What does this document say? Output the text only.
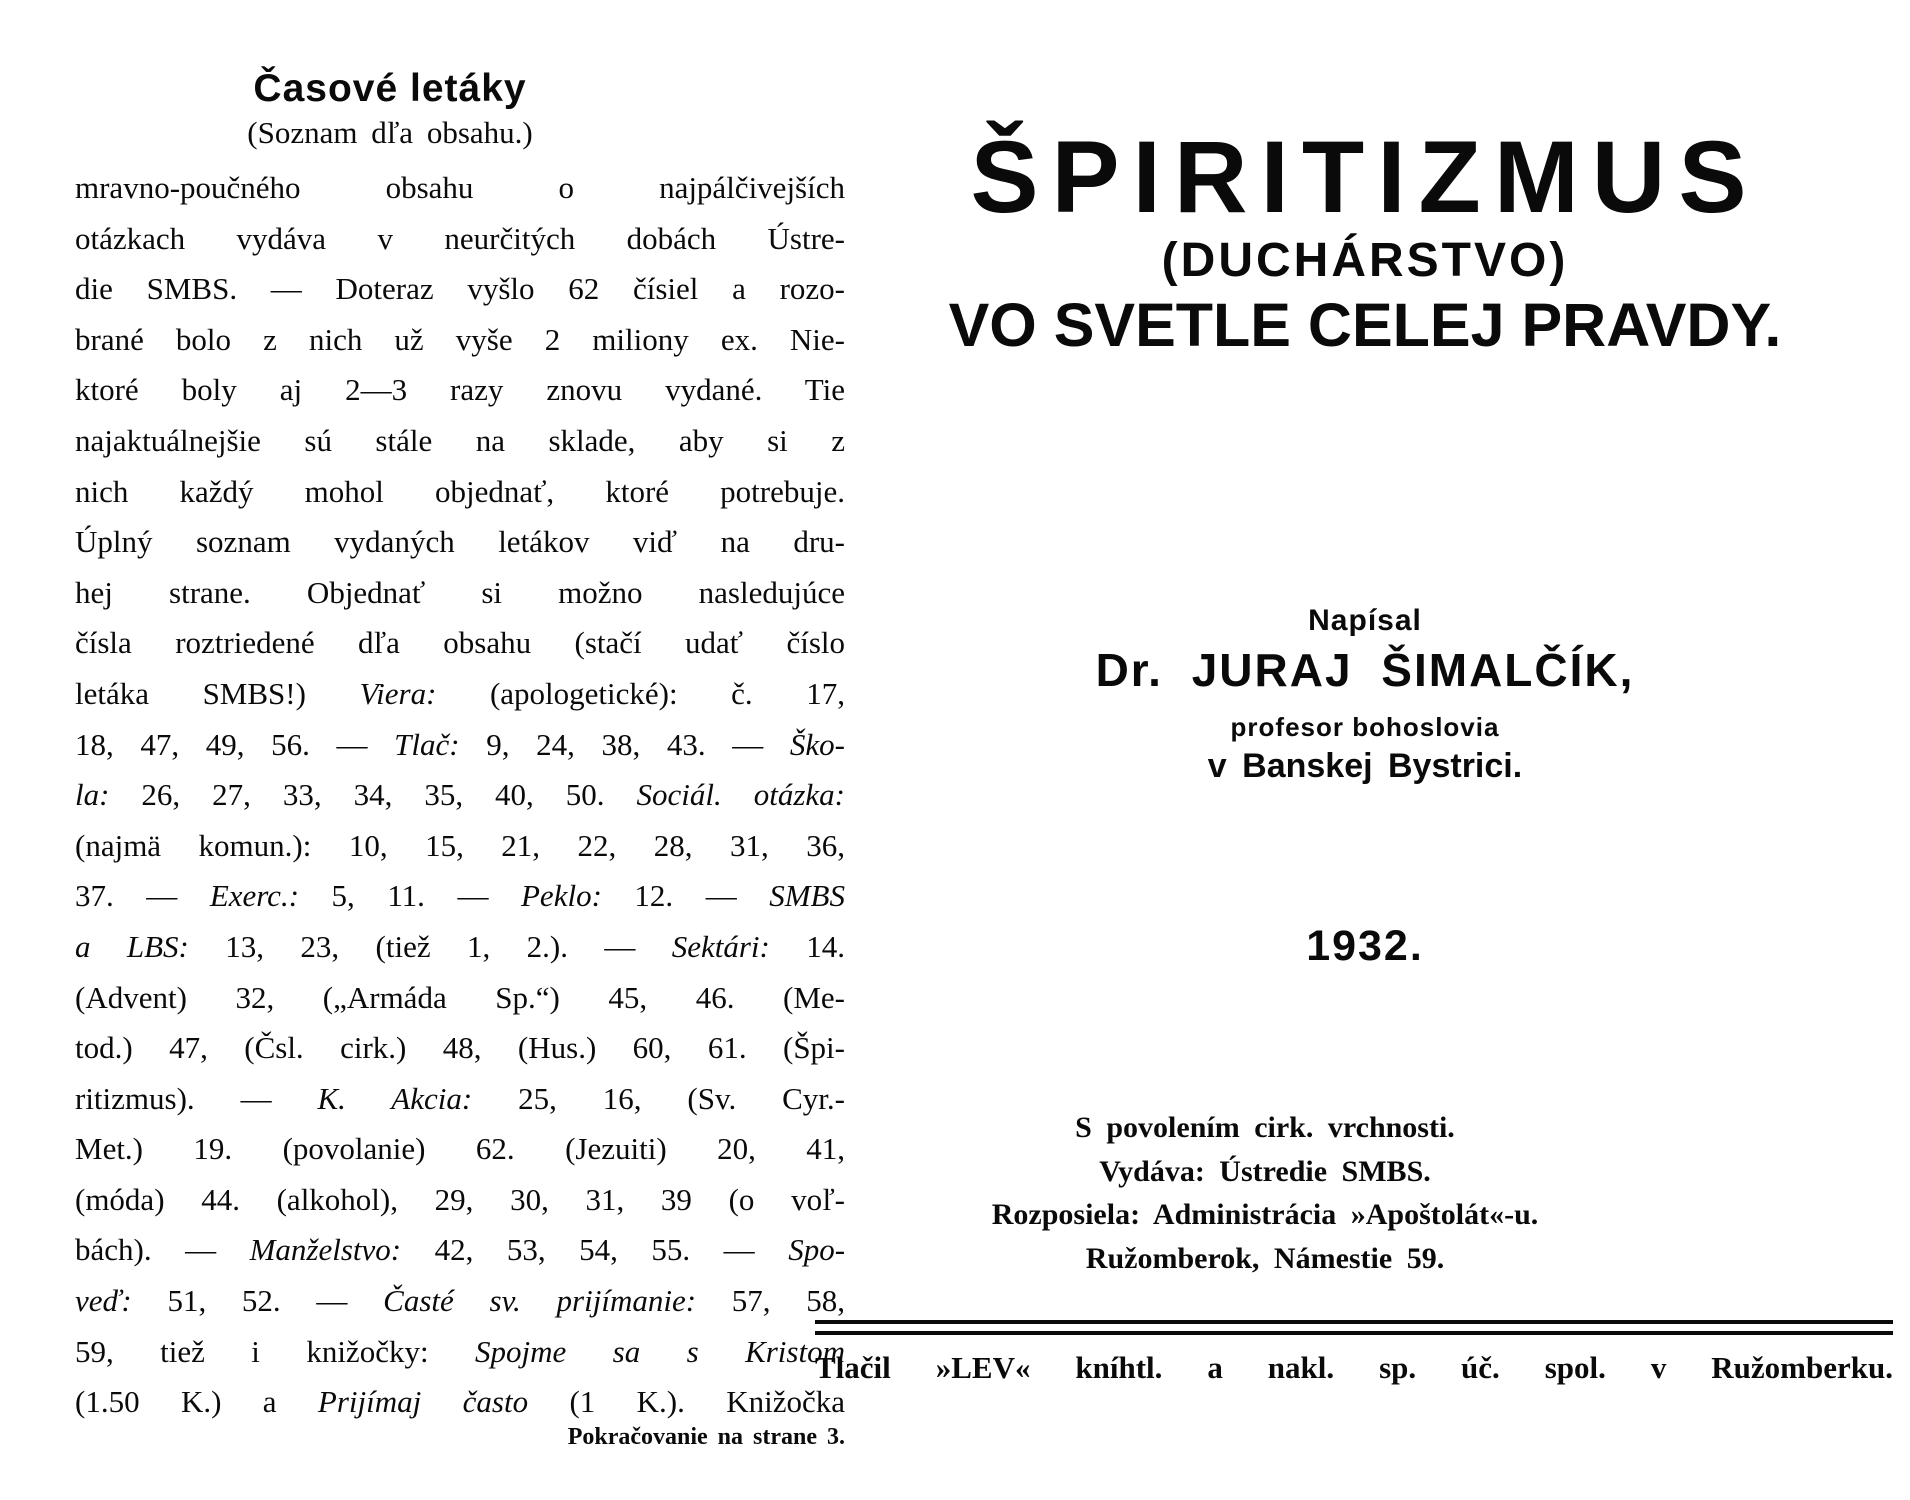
Časové letáky
(Soznam dľa obsahu.)
mravno-poučného obsahu o najpálčivejších
otázkach vydáva v neurčitých dobách Ústre-
die SMBS. — Doteraz vyšlo 62 čísiel a rozo-
brané bolo z nich už vyše 2 miliony ex. Nie-
ktoré boly aj 2—3 razy znovu vydané. Tie
najaktuálnejšie sú stále na sklade, aby si z
nich každý mohol objednať, ktoré potrebuje.
Úplný soznam vydaných letákov viď na dru-
hej strane. Objednať si možno nasledujúce
čísla roztriedené dľa obsahu (stačí udať číslo
letáka SMBS!) Viera: (apologetické): č. 17,
18, 47, 49, 56. — Tlač: 9, 24, 38, 43. — Ško-
la: 26, 27, 33, 34, 35, 40, 50. Sociál. otázka:
(najmä komun.): 10, 15, 21, 22, 28, 31, 36,
37. — Exerc.: 5, 11. — Peklo: 12. — SMBS
a LBS: 13, 23, (tiež 1, 2.). — Sektári: 14.
(Advent) 32, („Armáda Sp.“) 45, 46. (Me-
tod.) 47, (Čsl. cirk.) 48, (Hus.) 60, 61. (Špi-
ritizmus). — K. Akcia: 25, 16, (Sv. Cyr.-
Met.) 19. (povolanie) 62. (Jezuiti) 20, 41,
(móda) 44. (alkohol), 29, 30, 31, 39 (o voľ-
bách). — Manželstvo: 42, 53, 54, 55. — Spo-
veď: 51, 52. — Časté sv. prijímanie: 57, 58,
59, tiež i knižočky: Spojme sa s Kristom
(1.50 K.) a Prijímaj často (1 K.). Knižočka
Pokračovanie na strane 3.
ŠPIRITIZMUS
(DUCHÁRSTVO)
VO SVETLE CELEJ PRAVDY.
Napísal
Dr. JURAJ ŠIMALČÍK,
profesor bohoslovia
v Banskej Bystrici.
1932.
S povolením cirk. vrchnosti.
Vydáva: Ústredie SMBS.
Rozposiela: Administrácia »Apoštolát«-u.
Ružomberok, Námestie 59.
Tlačil »LEV« kníhtl. a nakl. sp. úč. spol. v Ružomberku.
